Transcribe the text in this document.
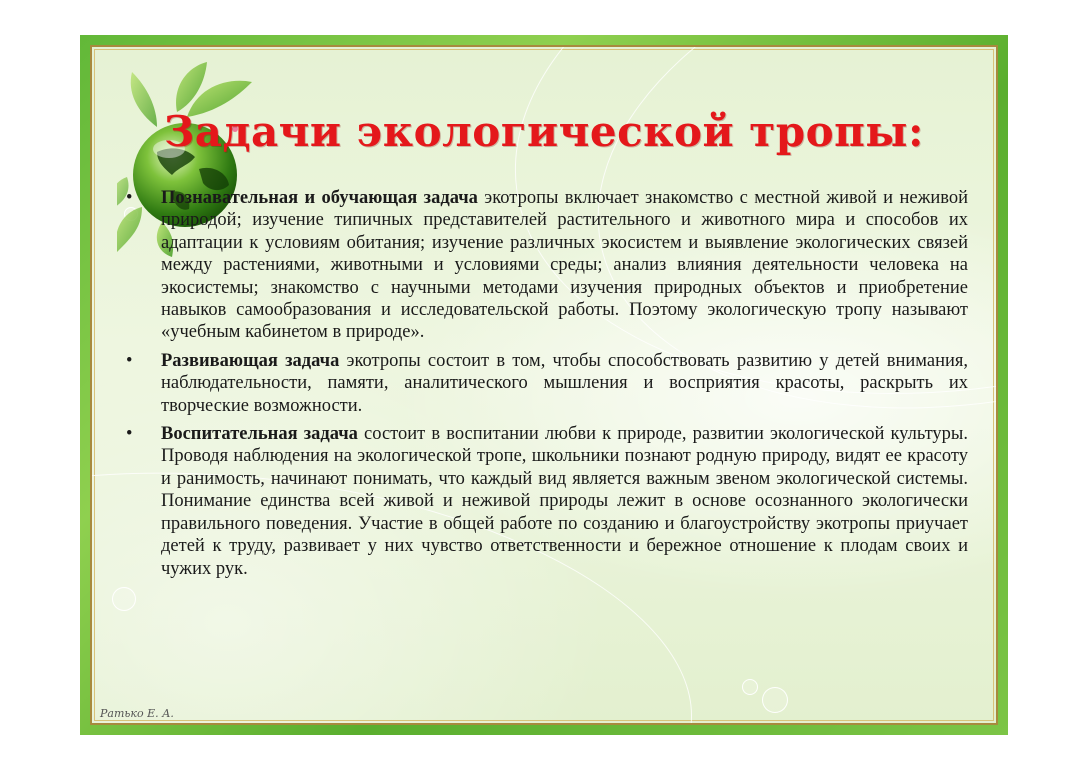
Задачи экологической тропы:
• Познавательная и обучающая задача экотропы включает знакомство с местной живой и неживой природой; изучение типичных представителей растительного и животного мира и способов их адаптации к условиям обитания; изучение различных экосистем и выявление экологических связей между растениями, животными и условиями среды; анализ влияния деятельности человека на экосистемы; знакомство с научными методами изучения природных объектов и приобретение навыков самообразования и исследовательской работы. Поэтому экологическую тропу называют «учебным кабинетом в природе».
• Развивающая задача экотропы состоит в том, чтобы способствовать развитию у детей внимания, наблюдательности, памяти, аналитического мышления и восприятия красоты, раскрыть их творческие возможности.
• Воспитательная задача состоит в воспитании любви к природе, развитии экологической культуры. Проводя наблюдения на экологической тропе, школьники познают родную природу, видят ее красоту и ранимость, начинают понимать, что каждый вид является важным звеном экологической системы. Понимание единства всей живой и неживой природы лежит в основе осознанного экологически правильного поведения. Участие в общей работе по созданию и благоустройству экотропы приучает детей к труду, развивает у них чувство ответственности и бережное отношение к плодам своих и чужих рук.
Ратько Е. А.
